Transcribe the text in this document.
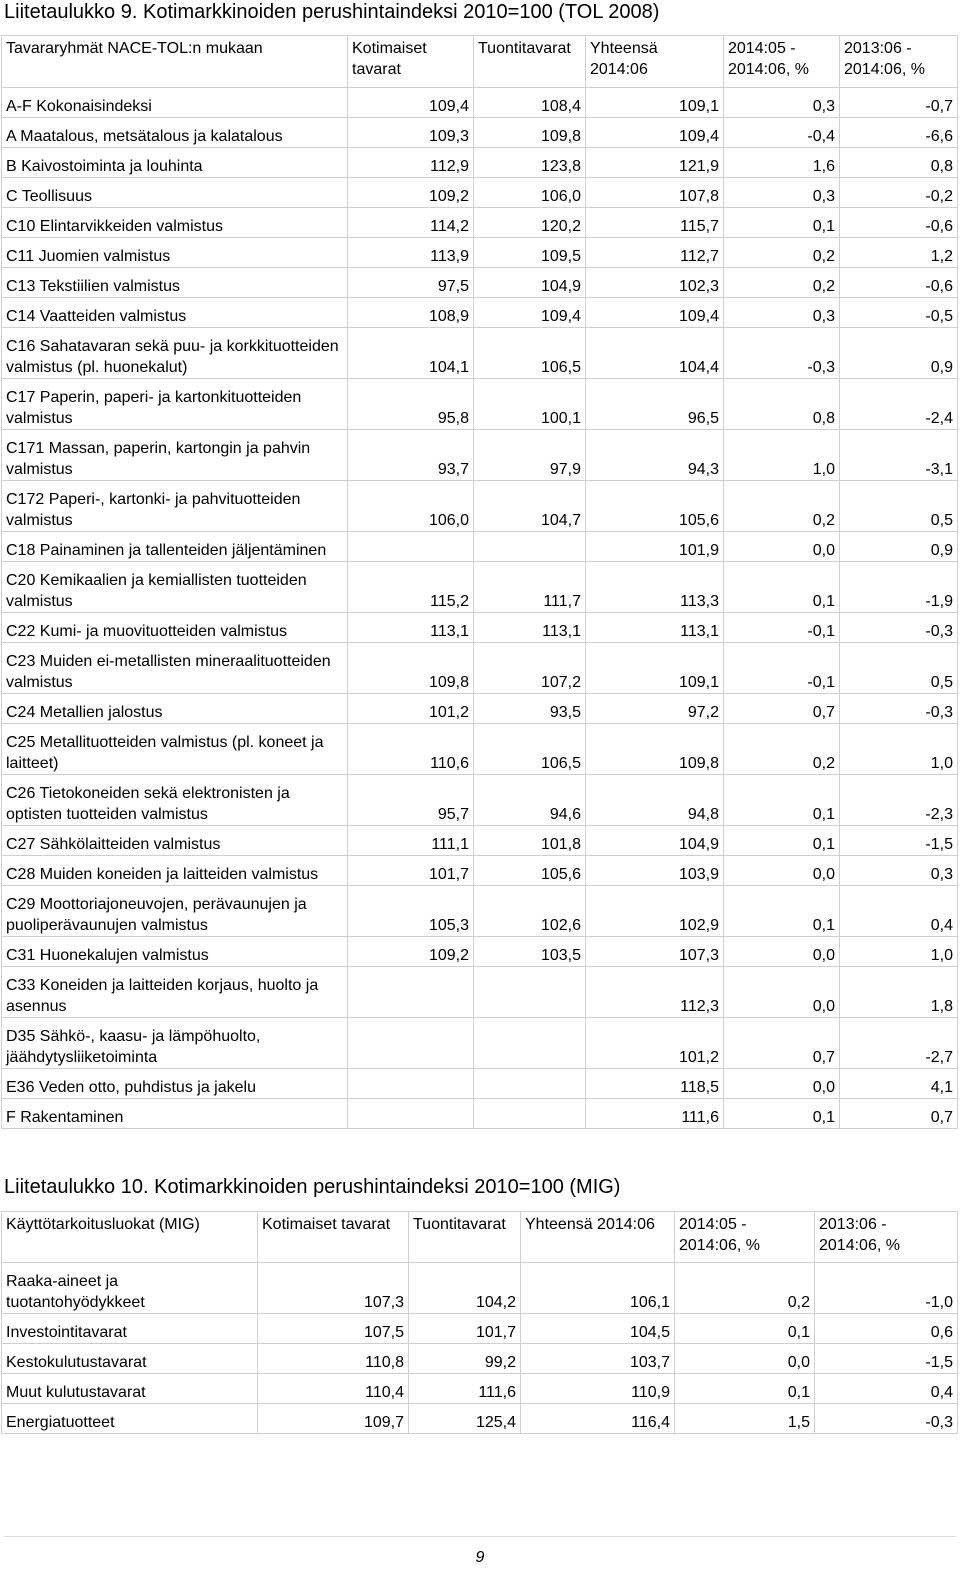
Liitetaulukko 9. Kotimarkkinoiden perushintaindeksi 2010=100 (TOL 2008)
Tavararyhmät NACE-TOL:n mukaan	Kotimaiset tavarat	Tuontitavarat	Yhteensä 2014:06	2014:05 - 2014:06, %	2013:06 - 2014:06, %
A-F Kokonaisindeksi	109,4	108,4	109,1	0,3	-0,7
A Maatalous, metsätalous ja kalatalous	109,3	109,8	109,4	-0,4	-6,6
B Kaivostoiminta ja louhinta	112,9	123,8	121,9	1,6	0,8
C Teollisuus	109,2	106,0	107,8	0,3	-0,2
C10 Elintarvikkeiden valmistus	114,2	120,2	115,7	0,1	-0,6
C11 Juomien valmistus	113,9	109,5	112,7	0,2	1,2
C13 Tekstiilien valmistus	97,5	104,9	102,3	0,2	-0,6
C14 Vaatteiden valmistus	108,9	109,4	109,4	0,3	-0,5
C16 Sahatavaran sekä puu- ja korkkituotteiden valmistus (pl. huonekalut)	104,1	106,5	104,4	-0,3	0,9
C17 Paperin, paperi- ja kartonkituotteiden valmistus	95,8	100,1	96,5	0,8	-2,4
C171 Massan, paperin, kartongin ja pahvin valmistus	93,7	97,9	94,3	1,0	-3,1
C172 Paperi-, kartonki- ja pahvituotteiden valmistus	106,0	104,7	105,6	0,2	0,5
C18 Painaminen ja tallenteiden jäljentäminen			101,9	0,0	0,9
C20 Kemikaalien ja kemiallisten tuotteiden valmistus	115,2	111,7	113,3	0,1	-1,9
C22 Kumi- ja muovituotteiden valmistus	113,1	113,1	113,1	-0,1	-0,3
C23 Muiden ei-metallisten mineraalituotteiden valmistus	109,8	107,2	109,1	-0,1	0,5
C24 Metallien jalostus	101,2	93,5	97,2	0,7	-0,3
C25 Metallituotteiden valmistus (pl. koneet ja laitteet)	110,6	106,5	109,8	0,2	1,0
C26 Tietokoneiden sekä elektronisten ja optisten tuotteiden valmistus	95,7	94,6	94,8	0,1	-2,3
C27 Sähkölaitteiden valmistus	111,1	101,8	104,9	0,1	-1,5
C28 Muiden koneiden ja laitteiden valmistus	101,7	105,6	103,9	0,0	0,3
C29 Moottoriajoneuvojen, perävaunujen ja puoliperävaunujen valmistus	105,3	102,6	102,9	0,1	0,4
C31 Huonekalujen valmistus	109,2	103,5	107,3	0,0	1,0
C33 Koneiden ja laitteiden korjaus, huolto ja asennus			112,3	0,0	1,8
D35 Sähkö-, kaasu- ja lämpöhuolto, jäähdytysliiketoiminta			101,2	0,7	-2,7
E36 Veden otto, puhdistus ja jakelu			118,5	0,0	4,1
F Rakentaminen			111,6	0,1	0,7
Liitetaulukko 10. Kotimarkkinoiden perushintaindeksi 2010=100 (MIG)
Käyttötarkoitusluokat (MIG)	Kotimaiset tavarat	Tuontitavarat	Yhteensä 2014:06	2014:05 - 2014:06, %	2013:06 - 2014:06, %
Raaka-aineet ja tuotantohyödykkeet	107,3	104,2	106,1	0,2	-1,0
Investointitavarat	107,5	101,7	104,5	0,1	0,6
Kestokulutustavarat	110,8	99,2	103,7	0,0	-1,5
Muut kulutustavarat	110,4	111,6	110,9	0,1	0,4
Energiatuotteet	109,7	125,4	116,4	1,5	-0,3
9
